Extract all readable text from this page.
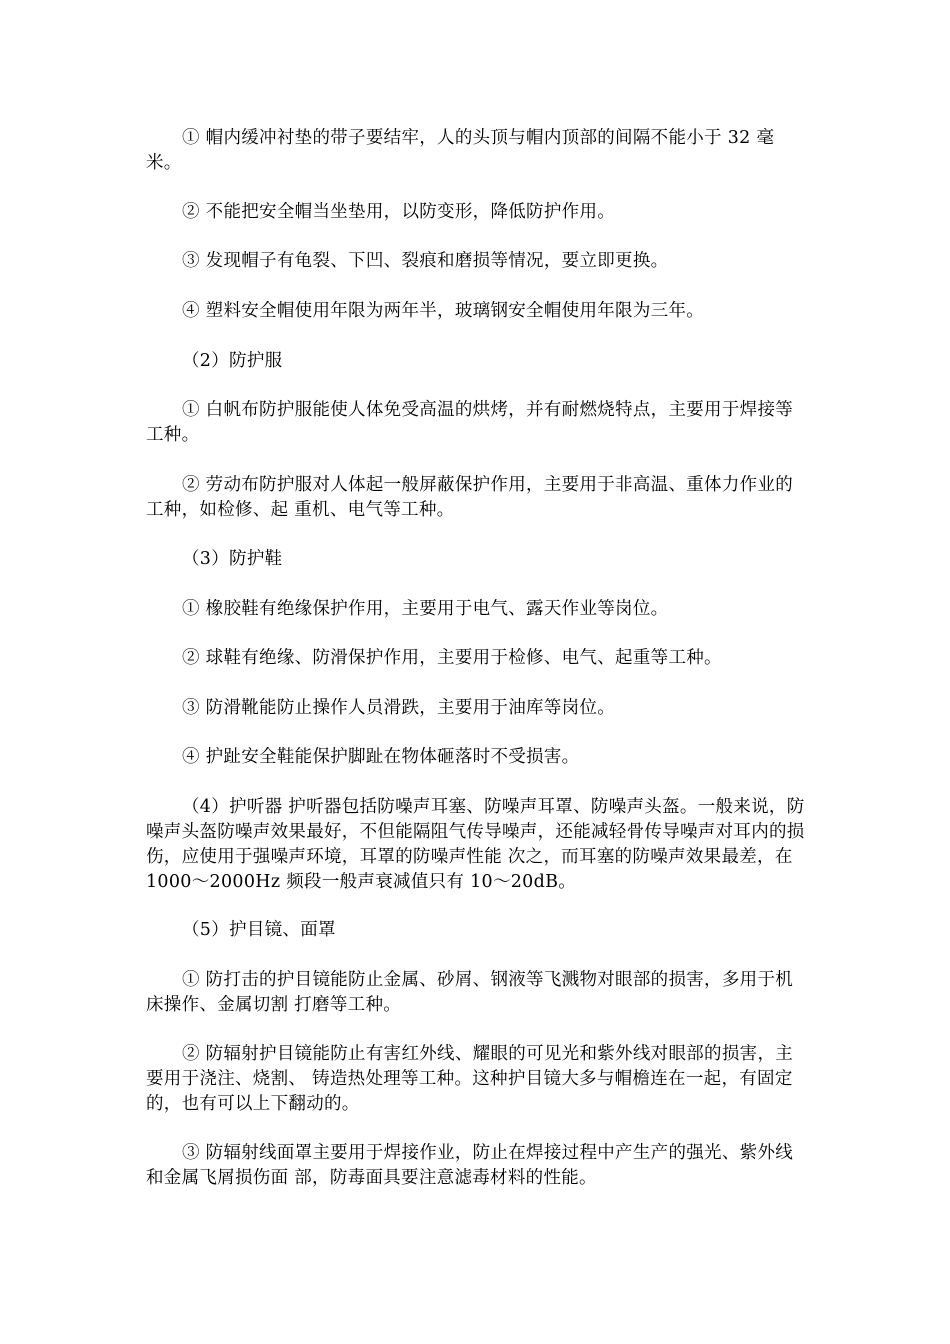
① 帽内缓冲衬垫的带子要结牢，人的头顶与帽内顶部的间隔不能小于 32 毫米。

② 不能把安全帽当坐垫用，以防变形，降低防护作用。

③ 发现帽子有龟裂、下凹、裂痕和磨损等情况，要立即更换。

④ 塑料安全帽使用年限为两年半，玻璃钢安全帽使用年限为三年。

（2）防护服

① 白帆布防护服能使人体免受高温的烘烤，并有耐燃烧特点，主要用于焊接等工种。

② 劳动布防护服对人体起一般屏蔽保护作用，主要用于非高温、重体力作业的工种，如检修、起 重机、电气等工种。

（3）防护鞋

① 橡胶鞋有绝缘保护作用，主要用于电气、露天作业等岗位。

② 球鞋有绝缘、防滑保护作用，主要用于检修、电气、起重等工种。

③ 防滑靴能防止操作人员滑跌，主要用于油库等岗位。

④ 护趾安全鞋能保护脚趾在物体砸落时不受损害。

（4）护听器 护听器包括防噪声耳塞、防噪声耳罩、防噪声头盔。一般来说，防噪声头盔防噪声效果最好，不但能隔阻气传导噪声，还能减轻骨传导噪声对耳内的损伤，应使用于强噪声环境，耳罩的防噪声性能 次之，而耳塞的防噪声效果最差，在 1000～2000Hz 频段一般声衰减值只有 10～20dB。

（5）护目镜、面罩

① 防打击的护目镜能防止金属、砂屑、钢液等飞溅物对眼部的损害，多用于机床操作、金属切割 打磨等工种。

② 防辐射护目镜能防止有害红外线、耀眼的可见光和紫外线对眼部的损害，主要用于浇注、烧割、 铸造热处理等工种。这种护目镜大多与帽檐连在一起，有固定的，也有可以上下翻动的。

③ 防辐射线面罩主要用于焊接作业，防止在焊接过程中产生产的强光、紫外线和金属飞屑损伤面 部，防毒面具要注意滤毒材料的性能。
